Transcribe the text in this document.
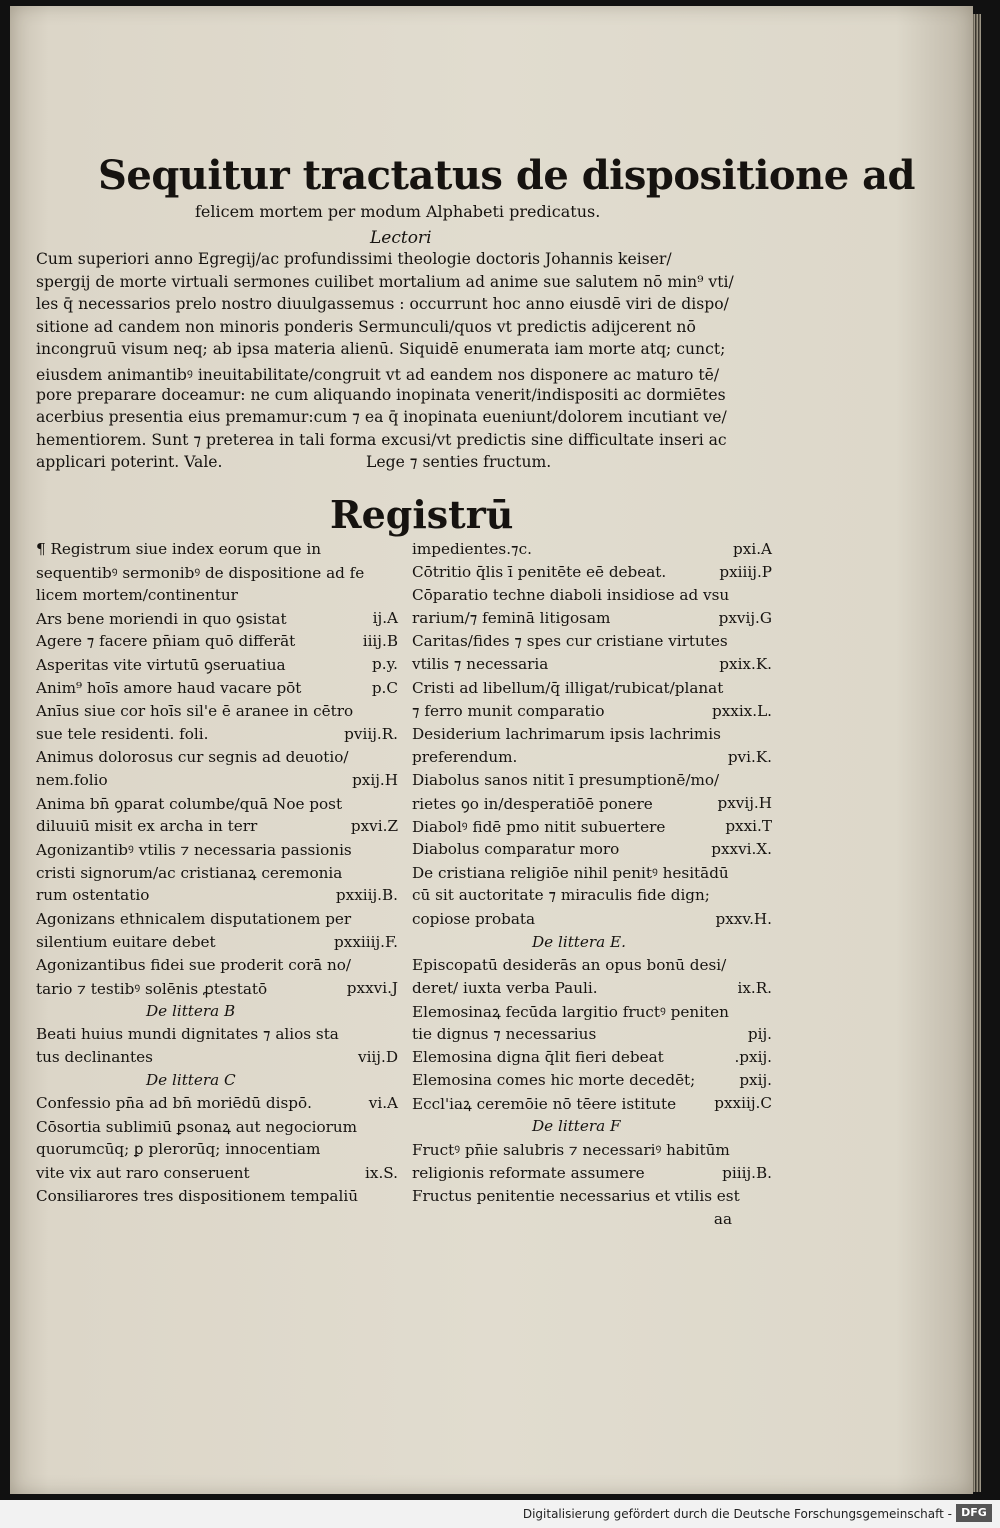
Sequitur tractatus de dispositione ad
felicem mortem per modum Alphabeti predicatus.
Lectori
Cum superiori anno Egregij/ac profundissimi theologie doctoris Johannis keiser/
spergij de morte virtuali sermones cuilibet mortalium ad anime sue salutem nō min⁹ vti/
les q̄ necessarios prelo nostro diuulgassemus : occurrunt hoc anno eiusdē viri de dispo/
sitione ad candem non minoris ponderis Sermunculi/quos vt predictis adijcerent nō
incongruū visum neq; ab ipsa materia alienū. Siquidē enumerata iam morte atq; cunct;
eiusdem animantibꝰ ineuitabilitate/congruit vt ad eandem nos disponere ac maturo tē/
pore preparare doceamur: ne cum aliquando inopinata venerit/indispositi ac dormiētes
acerbius presentia eius premamur:cum ⁊ ea q̄ inopinata eueniunt/dolorem incutiant ve/
hementiorem. Sunt ⁊ preterea in tali forma excusi/vt predictis sine difficultate inseri ac
applicari poterint. Vale.	Lege ⁊ senties fructum.
Registrū
¶ Registrum siue index eorum que in
sequentibꝰ sermonibꝰ de dispositione ad fe
licem mortem/continentur
Ars bene moriendi in quo ꝯsistat	ij.A
Agere ⁊ facere pn̄iam quō differāt	iiij.B
Asperitas vite virtutū ꝯseruatiua	p.y.
Anim⁹ hoīs amore haud vacare pōt	p.C
Anīus siue cor hoīs sil'e ē aranee in cētro
sue tele residenti. foli.	pviij.R.
Animus dolorosus cur segnis ad deuotio/
nem.folio	pxij.H
Anima bn̄ ꝯparat columbe/quā Noe post
diluuiū misit ex archa in terr	pxvi.Z
Agonizantibꝰ vtilis ⁊ necessaria passionis
cristi signorum/ac cristianaꝝ ceremonia
rum ostentatio	pxxiij.B.
Agonizans ethnicalem disputationem per
silentium euitare debet	pxxiiij.F.
Agonizantibus fidei sue proderit corā no/
tario ⁊ testibꝰ solēnis ꝓtestatō	pxxvi.J
De littera B
Beati huius mundi dignitates ⁊ alios sta
tus declinantes	viij.D
De littera C
Confessio pn̄a ad bn̄ moriēdū dispō.	vi.A
Cōsortia sublimiū ꝑsonaꝝ aut negociorum
quorumcūq; ꝑ plerorūq; innocentiam
vite vix aut raro conseruent	ix.S.
Consiliarores tres dispositionem tempaliū
impedientes.⁊c.	pxi.A
Cōtritio q̄lis ī penitēte eē debeat.	pxiiij.P
Cōparatio techne diaboli insidiose ad vsu
rarium/⁊ feminā litigosam	pxvij.G
Caritas/fides ⁊ spes cur cristiane virtutes
vtilis ⁊ necessaria	pxix.K.
Cristi ad libellum/q̄ illigat/rubicat/planat
⁊ ferro munit comparatio	pxxix.L.
Desiderium lachrimarum ipsis lachrimis
preferendum.	pvi.K.
Diabolus sanos nitit ī presumptionē/mo/
rietes ꝯo in/desperatiōē ponere	pxvij.H
Diabolꝰ fidē pmo nitit subuertere	pxxi.T
Diabolus comparatur moro	pxxvi.X.
De cristiana religiōe nihil penitꝰ hesitādū
cū sit auctoritate ⁊ miraculis fide dign;
copiose probata	pxxv.H.
De littera E.
Episcopatū desiderās an opus bonū desi/
deret/ iuxta verba Pauli.	ix.R.
Elemosinaꝝ fecūda largitio fructꝰ peniten
tie dignus ⁊ necessarius	pij.
Elemosina digna q̄lit fieri debeat	.pxij.
Elemosina comes hic morte decedēt;	pxij.
Eccl'iaꝝ ceremōie nō tēere istitute	pxxiij.C
De littera F
Fructꝰ pn̄ie salubris ⁊ necessariꝰ habitūm
religionis reformate assumere	piiij.B.
Fructus penitentie necessarius et vtilis est
aa
Digitalisierung gefördert durch die Deutsche Forschungsgemeinschaft - DFG
